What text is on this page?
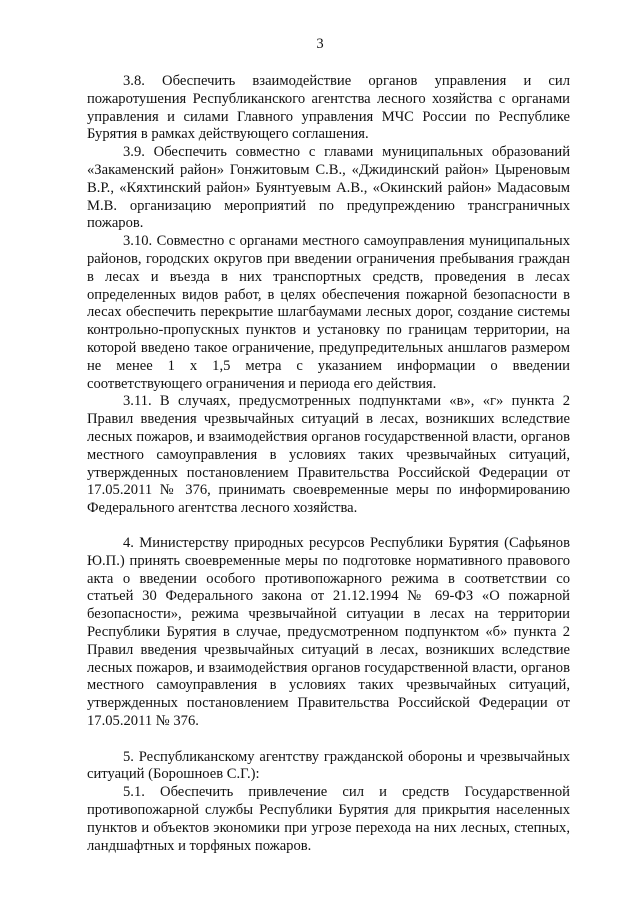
3

3.8. Обеспечить взаимодействие органов управления и сил пожаротушения Республиканского агентства лесного хозяйства с органами управления и силами Главного управления МЧС России по Республике Бурятия в рамках действующего соглашения.

3.9. Обеспечить совместно с главами муниципальных образований «Закаменский район» Гонжитовым С.В., «Джидинский район» Цыреновым В.Р., «Кяхтинский район» Буянтуевым А.В., «Окинский район» Мадасовым М.В. организацию мероприятий по предупреждению трансграничных пожаров.

3.10. Совместно с органами местного самоуправления муниципальных районов, городских округов при введении ограничения пребывания граждан в лесах и въезда в них транспортных средств, проведения в лесах определенных видов работ, в целях обеспечения пожарной безопасности в лесах обеспечить перекрытие шлагбаумами лесных дорог, создание системы контрольно-пропускных пунктов и установку по границам территории, на которой введено такое ограничение, предупредительных аншлагов размером не менее 1 х 1,5 метра с указанием информации о введении соответствующего ограничения и периода его действия.

3.11. В случаях, предусмотренных подпунктами «в», «г» пункта 2 Правил введения чрезвычайных ситуаций в лесах, возникших вследствие лесных пожаров, и взаимодействия органов государственной власти, органов местного самоуправления в условиях таких чрезвычайных ситуаций, утвержденных постановлением Правительства Российской Федерации от 17.05.2011 № 376, принимать своевременные меры по информированию Федерального агентства лесного хозяйства.

4. Министерству природных ресурсов Республики Бурятия (Сафьянов Ю.П.) принять своевременные меры по подготовке нормативного правового акта о введении особого противопожарного режима в соответствии со статьей 30 Федерального закона от 21.12.1994 № 69-ФЗ «О пожарной безопасности», режима чрезвычайной ситуации в лесах на территории Республики Бурятия в случае, предусмотренном подпунктом «б» пункта 2 Правил введения чрезвычайных ситуаций в лесах, возникших вследствие лесных пожаров, и взаимодействия органов государственной власти, органов местного самоуправления в условиях таких чрезвычайных ситуаций, утвержденных постановлением Правительства Российской Федерации от 17.05.2011 № 376.

5. Республиканскому агентству гражданской обороны и чрезвычайных ситуаций (Борошноев С.Г.):

5.1. Обеспечить привлечение сил и средств Государственной противопожарной службы Республики Бурятия для прикрытия населенных пунктов и объектов экономики при угрозе перехода на них лесных, степных, ландшафтных и торфяных пожаров.
